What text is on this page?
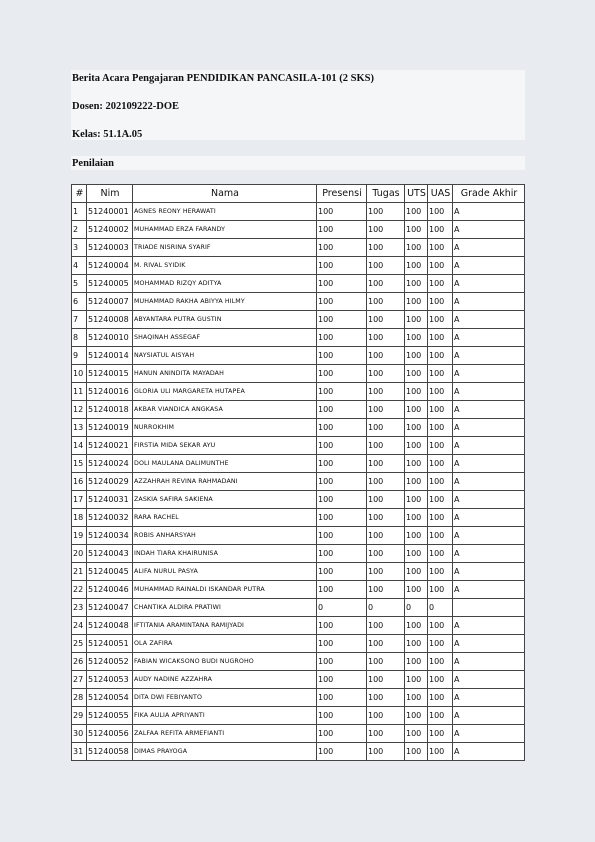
Berita Acara Pengajaran PENDIDIKAN PANCASILA-101 (2 SKS)
Dosen: 202109222-DOE
Kelas: 51.1A.05
Penilaian
#	Nim	Nama	Presensi	Tugas	UTS	UAS	Grade Akhir
1	51240001	AGNES REONY HERAWATI	100	100	100	100	A
2	51240002	MUHAMMAD ERZA FARANDY	100	100	100	100	A
3	51240003	TRIADE NISRINA SYARIF	100	100	100	100	A
4	51240004	M. RIVAL SYIDIK	100	100	100	100	A
5	51240005	MOHAMMAD RIZQY ADITYA	100	100	100	100	A
6	51240007	MUHAMMAD RAKHA ABIYYA HILMY	100	100	100	100	A
7	51240008	ABYANTARA PUTRA GUSTIN	100	100	100	100	A
8	51240010	SHAQINAH ASSEGAF	100	100	100	100	A
9	51240014	NAYSIATUL AISYAH	100	100	100	100	A
10	51240015	HANUN ANINDITA MAYADAH	100	100	100	100	A
11	51240016	GLORIA ULI MARGARETA HUTAPEA	100	100	100	100	A
12	51240018	AKBAR VIANDICA ANGKASA	100	100	100	100	A
13	51240019	NURROKHIM	100	100	100	100	A
14	51240021	FIRSTIA MIDA SEKAR AYU	100	100	100	100	A
15	51240024	DOLI MAULANA DALIMUNTHE	100	100	100	100	A
16	51240029	AZZAHRAH REVINA RAHMADANI	100	100	100	100	A
17	51240031	ZASKIA SAFIRA SAKIENA	100	100	100	100	A
18	51240032	RARA RACHEL	100	100	100	100	A
19	51240034	ROBIS ANHARSYAH	100	100	100	100	A
20	51240043	INDAH TIARA KHAIRUNISA	100	100	100	100	A
21	51240045	ALIFA NURUL PASYA	100	100	100	100	A
22	51240046	MUHAMMAD RAINALDI ISKANDAR PUTRA	100	100	100	100	A
23	51240047	CHANTIKA ALDIRA PRATIWI	0	0	0	0	
24	51240048	IFTITANIA ARAMINTANA RAMIJYADI	100	100	100	100	A
25	51240051	OLA ZAFIRA	100	100	100	100	A
26	51240052	FABIAN WICAKSONO BUDI NUGROHO	100	100	100	100	A
27	51240053	AUDY NADINE AZZAHRA	100	100	100	100	A
28	51240054	DITA DWI FEBIYANTO	100	100	100	100	A
29	51240055	FIKA AULIA APRIYANTI	100	100	100	100	A
30	51240056	ZALFAA REFITA ARMEFIANTI	100	100	100	100	A
31	51240058	DIMAS PRAYOGA	100	100	100	100	A
